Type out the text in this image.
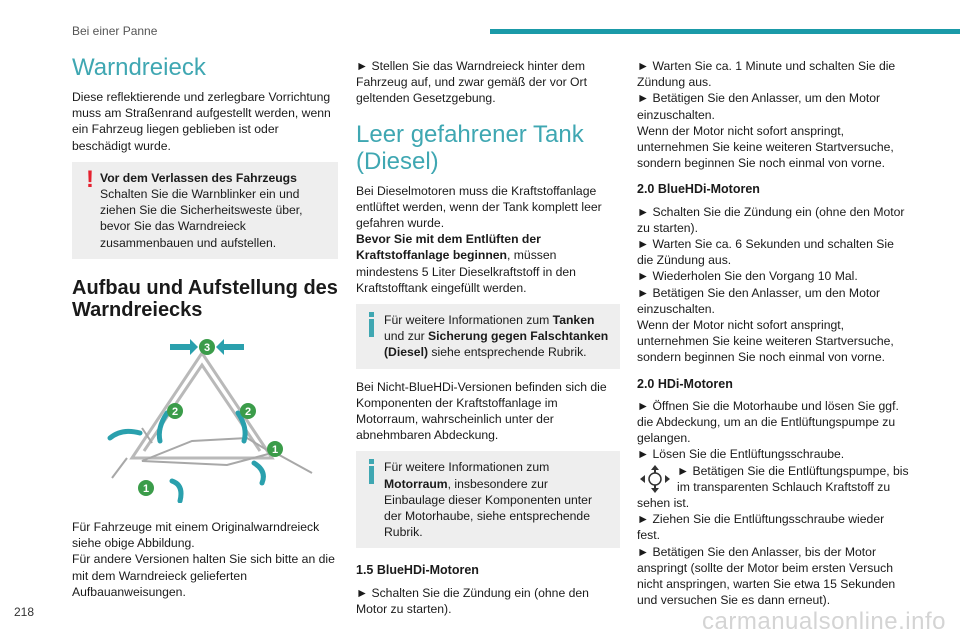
Bei einer Panne
Warndreieck
Diese reflektierende und zerlegbare Vorrichtung muss am Straßenrand aufgestellt werden, wenn ein Fahrzeug liegen geblieben ist oder beschädigt wurde.
! Vor dem Verlassen des Fahrzeugs
Schalten Sie die Warnblinker ein und ziehen Sie die Sicherheitsweste über, bevor Sie das Warndreieck zusammenbauen und aufstellen.
Aufbau und Aufstellung des Warndreiecks
3
2	2
1
1
Für Fahrzeuge mit einem Originalwarndreieck siehe obige Abbildung.
Für andere Versionen halten Sie sich bitte an die mit dem Warndreieck gelieferten Aufbauanweisungen.
► Stellen Sie das Warndreieck hinter dem Fahrzeug auf, und zwar gemäß der vor Ort geltenden Gesetzgebung.
Leer gefahrener Tank (Diesel)
Bei Dieselmotoren muss die Kraftstoffanlage entlüftet werden, wenn der Tank komplett leer gefahren wurde.
Bevor Sie mit dem Entlüften der Kraftstoffanlage beginnen, müssen mindestens 5 Liter Dieselkraftstoff in den Kraftstofftank eingefüllt werden.
Für weitere Informationen zum Tanken und zur Sicherung gegen Falschtanken (Diesel) siehe entsprechende Rubrik.
Bei Nicht-BlueHDi-Versionen befinden sich die Komponenten der Kraftstoffanlage im Motorraum, wahrscheinlich unter der abnehmbaren Abdeckung.
Für weitere Informationen zum Motorraum, insbesondere zur Einbaulage dieser Komponenten unter der Motorhaube, siehe entsprechende Rubrik.
1.5 BlueHDi-Motoren
► Schalten Sie die Zündung ein (ohne den Motor zu starten).
► Warten Sie ca. 1 Minute und schalten Sie die Zündung aus.
► Betätigen Sie den Anlasser, um den Motor einzuschalten.
Wenn der Motor nicht sofort anspringt, unternehmen Sie keine weiteren Startversuche, sondern beginnen Sie noch einmal von vorne.
2.0 BlueHDi-Motoren
► Schalten Sie die Zündung ein (ohne den Motor zu starten).
► Warten Sie ca. 6 Sekunden und schalten Sie die Zündung aus.
► Wiederholen Sie den Vorgang 10 Mal.
► Betätigen Sie den Anlasser, um den Motor einzuschalten.
Wenn der Motor nicht sofort anspringt, unternehmen Sie keine weiteren Startversuche, sondern beginnen Sie noch einmal von vorne.
2.0 HDi-Motoren
► Öffnen Sie die Motorhaube und lösen Sie ggf. die Abdeckung, um an die Entlüftungspumpe zu gelangen.
► Lösen Sie die Entlüftungsschraube.
► Betätigen Sie die Entlüftungspumpe, bis im transparenten Schlauch Kraftstoff zu sehen ist.
► Ziehen Sie die Entlüftungsschraube wieder fest.
► Betätigen Sie den Anlasser, bis der Motor anspringt (sollte der Motor beim ersten Versuch nicht anspringen, warten Sie etwa 15 Sekunden und versuchen Sie es dann erneut).
218	carmanualsonline.info
